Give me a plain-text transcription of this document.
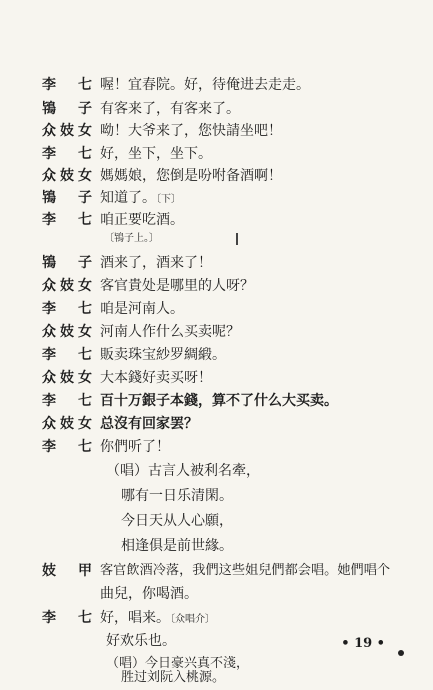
李 七 喔！宜春院。好，待俺进去走走。
鴇 子 有客来了，有客来了。
众妓女 呦！大爷来了，您快請坐吧！
李 七 好，坐下，坐下。
众妓女 媽媽娘，您倒是吩咐备酒啊！
鴇 子 知道了。〔下〕
李 七 咱正要吃酒。
〔鴇子上。〕
鴇 子 酒来了，酒来了！
众妓女 客官貴处是哪里的人呀？
李 七 咱是河南人。
众妓女 河南人作什么买卖呢？
李 七 販卖珠宝紗罗綢緞。
众妓女 大本錢好卖买呀！
李 七 百十万銀子本錢，算不了什么大买卖。
众妓女 总沒有回家罢？
李 七 你們听了！
（唱）古言人被利名牽，
哪有一日乐清閑。
今日天从人心願，
相逢俱是前世緣。
妓 甲 客官飲酒冷落，我們这些姐兒們都会唱。她們唱个
曲兒，你喝酒。
李 七 好，唱来。〔众唱介〕
好欢乐也。
（唱）今日豪兴真不淺，
胜过刘阮入桃源。
• 19 •
